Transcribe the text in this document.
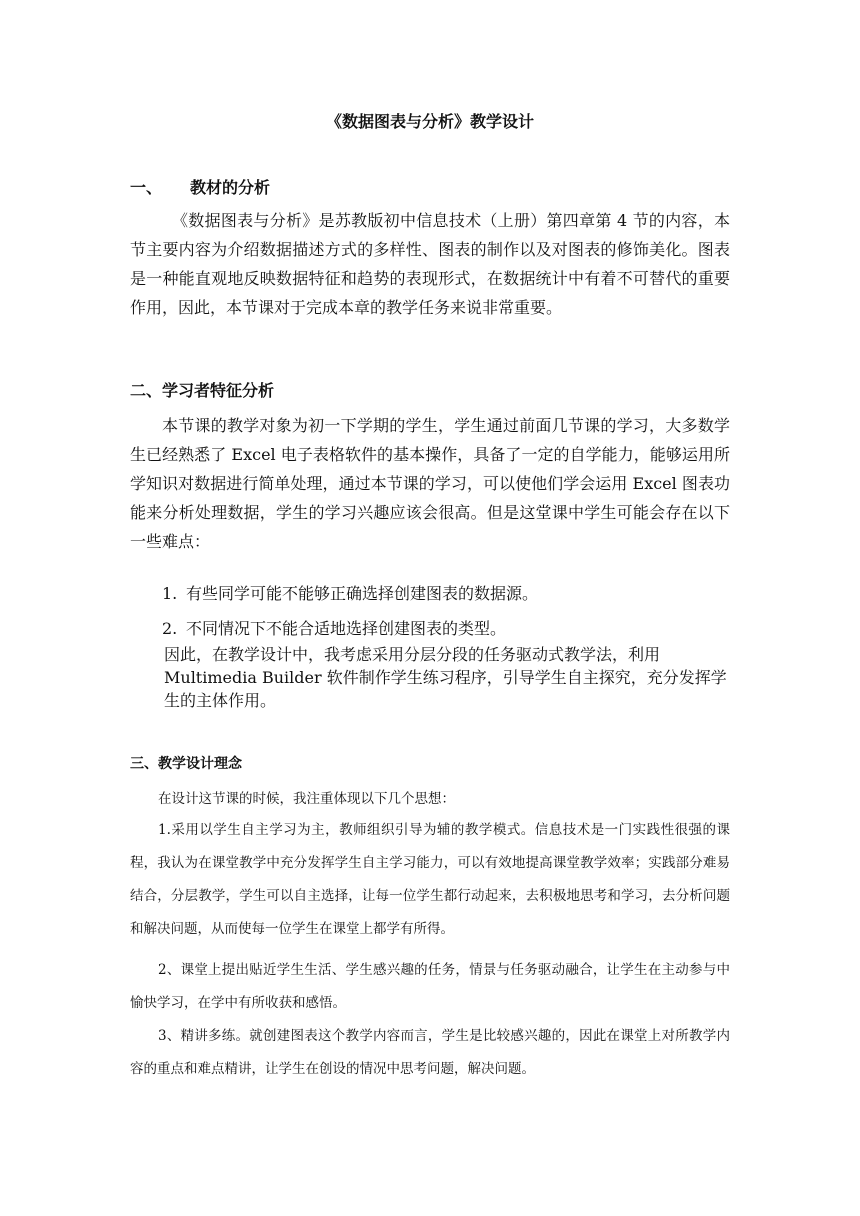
《数据图表与分析》教学设计
一、 教材的分析

《数据图表与分析》是苏教版初中信息技术（上册）第四章第 4 节的内容，本节主要内容为介绍数据描述方式的多样性、图表的制作以及对图表的修饰美化。图表是一种能直观地反映数据特征和趋势的表现形式，在数据统计中有着不可替代的重要作用，因此，本节课对于完成本章的教学任务来说非常重要。

二、学习者特征分析

本节课的教学对象为初一下学期的学生，学生通过前面几节课的学习，大多数学生已经熟悉了 Excel 电子表格软件的基本操作，具备了一定的自学能力，能够运用所学知识对数据进行简单处理，通过本节课的学习，可以使他们学会运用 Excel 图表功能来分析处理数据，学生的学习兴趣应该会很高。但是这堂课中学生可能会存在以下一些难点：

1. 有些同学可能不能够正确选择创建图表的数据源。
2. 不同情况下不能合适地选择创建图表的类型。

因此，在教学设计中，我考虑采用分层分段的任务驱动式教学法，利用 Multimedia Builder 软件制作学生练习程序，引导学生自主探究，充分发挥学生的主体作用。

三、教学设计理念

在设计这节课的时候，我注重体现以下几个思想：

1.采用以学生自主学习为主，教师组织引导为辅的教学模式。信息技术是一门实践性很强的课程，我认为在课堂教学中充分发挥学生自主学习能力，可以有效地提高课堂教学效率；实践部分难易结合，分层教学，学生可以自主选择，让每一位学生都行动起来，去积极地思考和学习，去分析问题和解决问题，从而使每一位学生在课堂上都学有所得。

2、课堂上提出贴近学生生活、学生感兴趣的任务，情景与任务驱动融合，让学生在主动参与中愉快学习，在学中有所收获和感悟。

3、精讲多练。就创建图表这个教学内容而言，学生是比较感兴趣的，因此在课堂上对所教学内容的重点和难点精讲，让学生在创设的情况中思考问题，解决问题。
